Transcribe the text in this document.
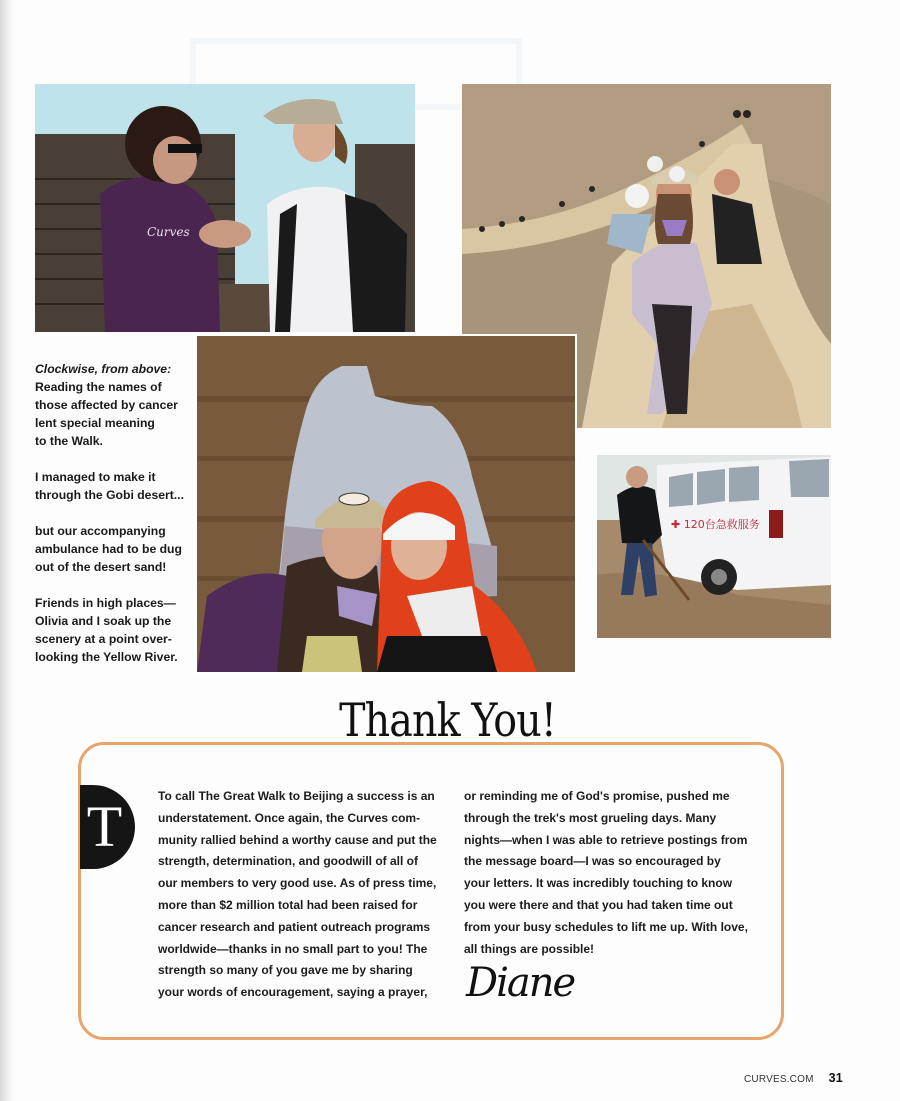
Curves
✚ 120台急救服务

Clockwise, from above:
Reading the names of
those affected by cancer
lent special meaning
to the Walk.

I managed to make it
through the Gobi desert...

but our accompanying
ambulance had to be dug
out of the desert sand!

Friends in high places—
Olivia and I soak up the
scenery at a point over-
looking the Yellow River.

Thank You!
T	To call The Great Walk to Beijing a success is an
understatement. Once again, the Curves com-
munity rallied behind a worthy cause and put the
strength, determination, and goodwill of all of
our members to very good use. As of press time,
more than $2 million total had been raised for
cancer research and patient outreach programs
worldwide—thanks in no small part to you! The
strength so many of you gave me by sharing
your words of encouragement, saying a prayer,
or reminding me of God's promise, pushed me
through the trek's most grueling days. Many
nights—when I was able to retrieve postings from
the message board—I was so encouraged by
your letters. It was incredibly touching to know
you were there and that you had taken time out
from your busy schedules to lift me up. With love,
all things are possible!
Diane
CURVES.COM 31
